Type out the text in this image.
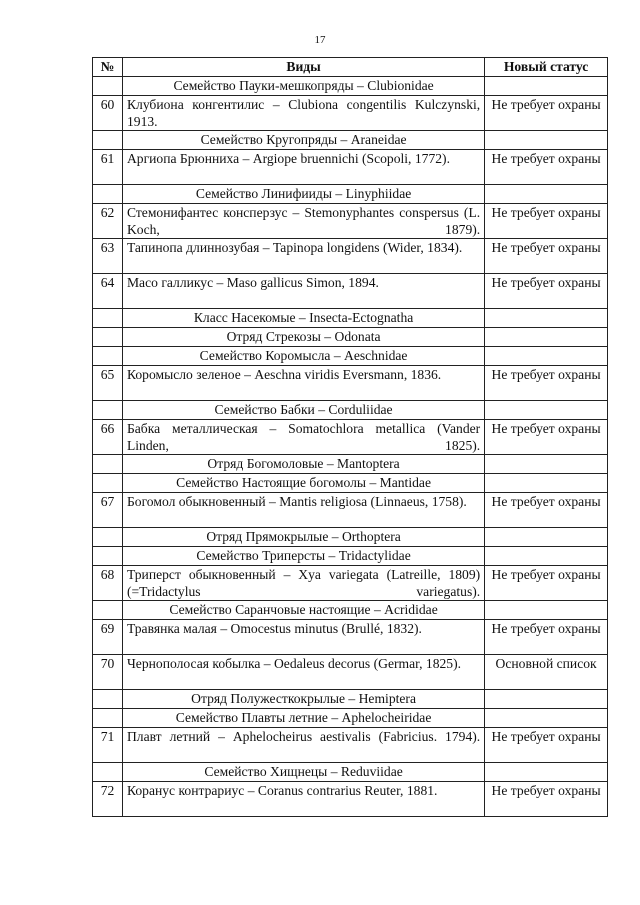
17
№	Виды	Новый статус
	Семейство Пауки-мешкопряды – Clubionidae	
60	Клубиона конгентилис – Clubiona congentilis Kulczynski, 1913.	Не требует охраны
	Семейство Кругопряды – Araneidae	
61	Аргиопа Брюнниха – Argiope bruennichi (Scopoli, 1772).	Не требует охраны
	Семейство Линифииды – Linyphiidae	
62	Стемонифантес консперзус – Stemonyphantes conspersus (L. Koch, 1879).	Не требует охраны
63	Тапинопа длиннозубая – Tapinopa longidens (Wider, 1834).	Не требует охраны
64	Масо галликус – Maso gallicus Simon, 1894.	Не требует охраны
	Класс Насекомые – Insecta-Ectognatha	
	Отряд Стрекозы – Odonata	
	Семейство Коромысла – Aeschnidae	
65	Коромысло зеленое – Aeschna viridis Eversmann, 1836.	Не требует охраны
	Семейство Бабки – Corduliidae	
66	Бабка металлическая – Somatochlora metallica (Vander Linden, 1825).	Не требует охраны
	Отряд Богомоловые – Mantoptera	
	Семейство Настоящие богомолы – Mantidae	
67	Богомол обыкновенный – Mantis religiosa (Linnaeus, 1758).	Не требует охраны
	Отряд Прямокрылые – Orthoptera	
	Семейство Триперсты – Tridactylidae	
68	Триперст обыкновенный – Xya variegata (Latreille, 1809) (=Tridactylus variegatus).	Не требует охраны
	Семейство Саранчовые настоящие – Acrididae	
69	Травянка малая – Omocestus minutus (Brullé, 1832).	Не требует охраны
70	Чернополосая кобылка – Oedaleus decorus (Germar, 1825).	Основной список
	Отряд Полужесткокрылые – Hemiptera	
	Семейство Плавты летние – Aphelocheiridae	
71	Плавт летний – Aphelocheirus aestivalis (Fabricius. 1794).	Не требует охраны
	Семейство Хищнецы – Reduviidae	
72	Коранус контрариус – Coranus contrarius Reuter, 1881.	Не требует охраны
